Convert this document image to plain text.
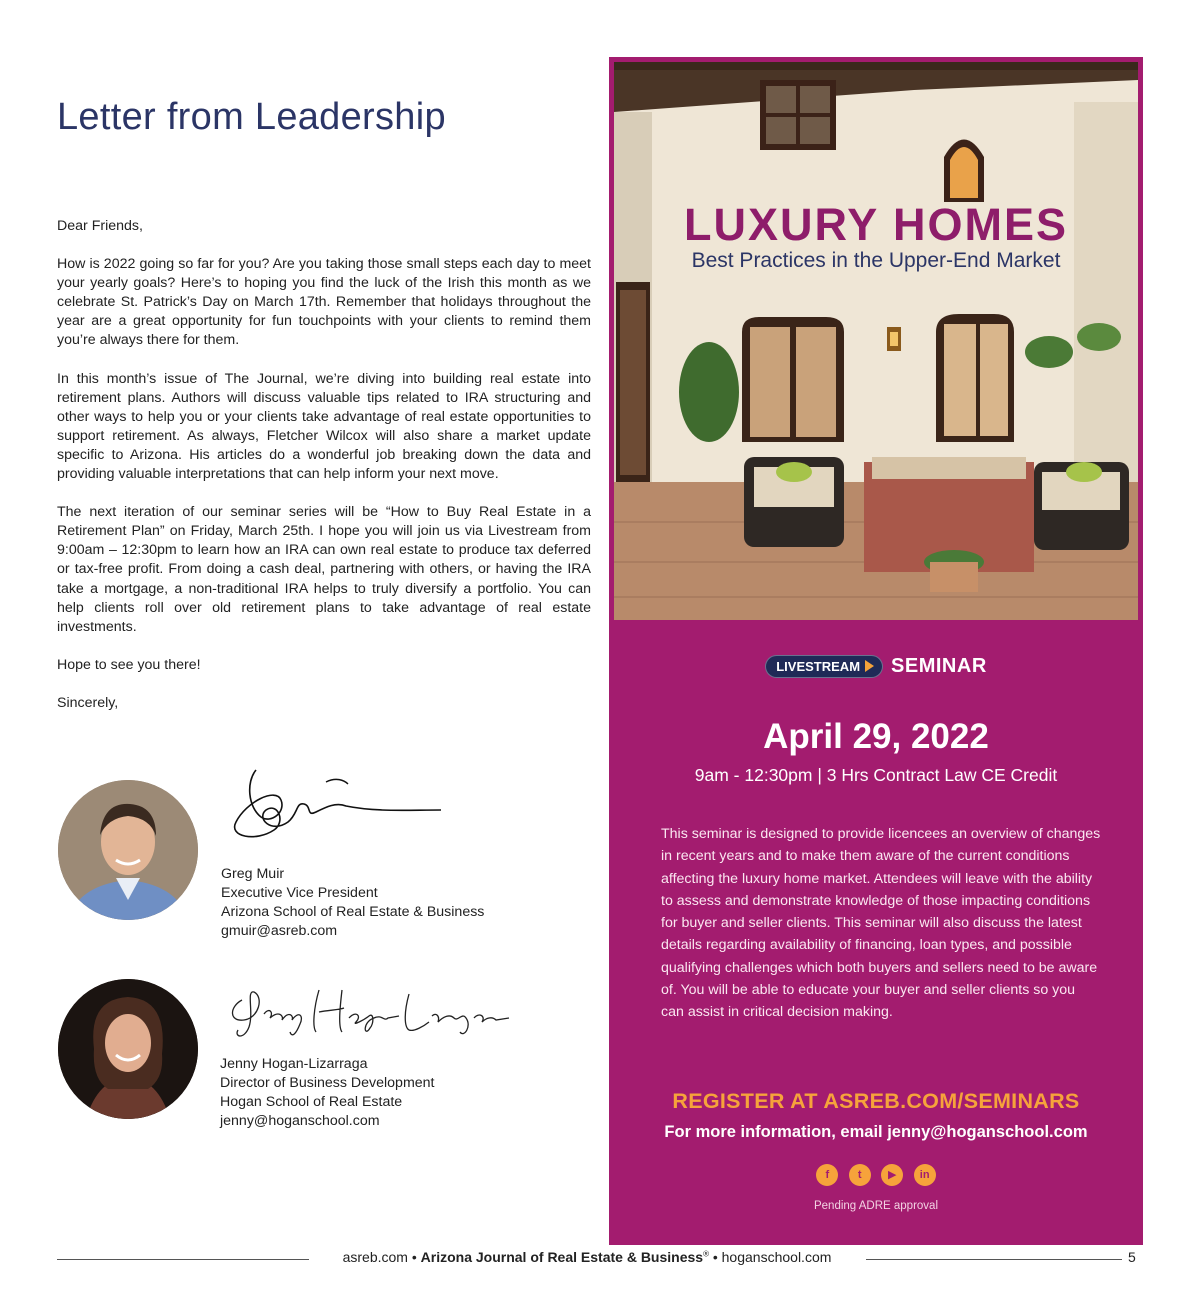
Letter from Leadership

Dear Friends,

How is 2022 going so far for you? Are you taking those small steps each day to meet your yearly goals? Here’s to hoping you find the luck of the Irish this month as we celebrate St. Patrick’s Day on March 17th. Remember that holidays throughout the year are a great opportunity for fun touchpoints with your clients to remind them you’re always there for them.

In this month’s issue of The Journal, we’re diving into building real estate into retirement plans. Authors will discuss valuable tips related to IRA structuring and other ways to help you or your clients take advantage of real estate opportunities to support retirement. As always, Fletcher Wilcox will also share a market update specific to Arizona. His articles do a wonderful job breaking down the data and providing valuable interpretations that can help inform your next move.

The next iteration of our seminar series will be “How to Buy Real Estate in a Retirement Plan” on Friday, March 25th. I hope you will join us via Livestream from 9:00am – 12:30pm to learn how an IRA can own real estate to produce tax deferred or tax-free profit. From doing a cash deal, partnering with others, or having the IRA take a mortgage, a non-traditional IRA helps to truly diversify a portfolio. You can help clients roll over old retirement plans to take advantage of real estate investments.

Hope to see you there!

Sincerely,

Greg Muir
Executive Vice President
Arizona School of Real Estate & Business
gmuir@asreb.com
Jenny Hogan-Lizarraga
Director of Business Development
Hogan School of Real Estate
jenny@hoganschool.com
LUXURY HOMES
Best Practices in the Upper-End Market
LIVESTREAM SEMINAR
April 29, 2022
9am - 12:30pm | 3 Hrs Contract Law CE Credit
This seminar is designed to provide licencees an overview of changes in recent years and to make them aware of the current conditions affecting the luxury home market. Attendees will leave with the ability to assess and demonstrate knowledge of those impacting conditions for buyer and seller clients. This seminar will also discuss the latest details regarding availability of financing, loan types, and possible qualifying challenges which both buyers and sellers need to be aware of. You will be able to educate your buyer and seller clients so you can assist in critical decision making.
REGISTER AT ASREB.COM/SEMINARS
For more information, email jenny@hoganschool.com
f	t ▶ in
Pending ADRE approval
asreb.com • Arizona Journal of Real Estate & Business® • hoganschool.com	5
